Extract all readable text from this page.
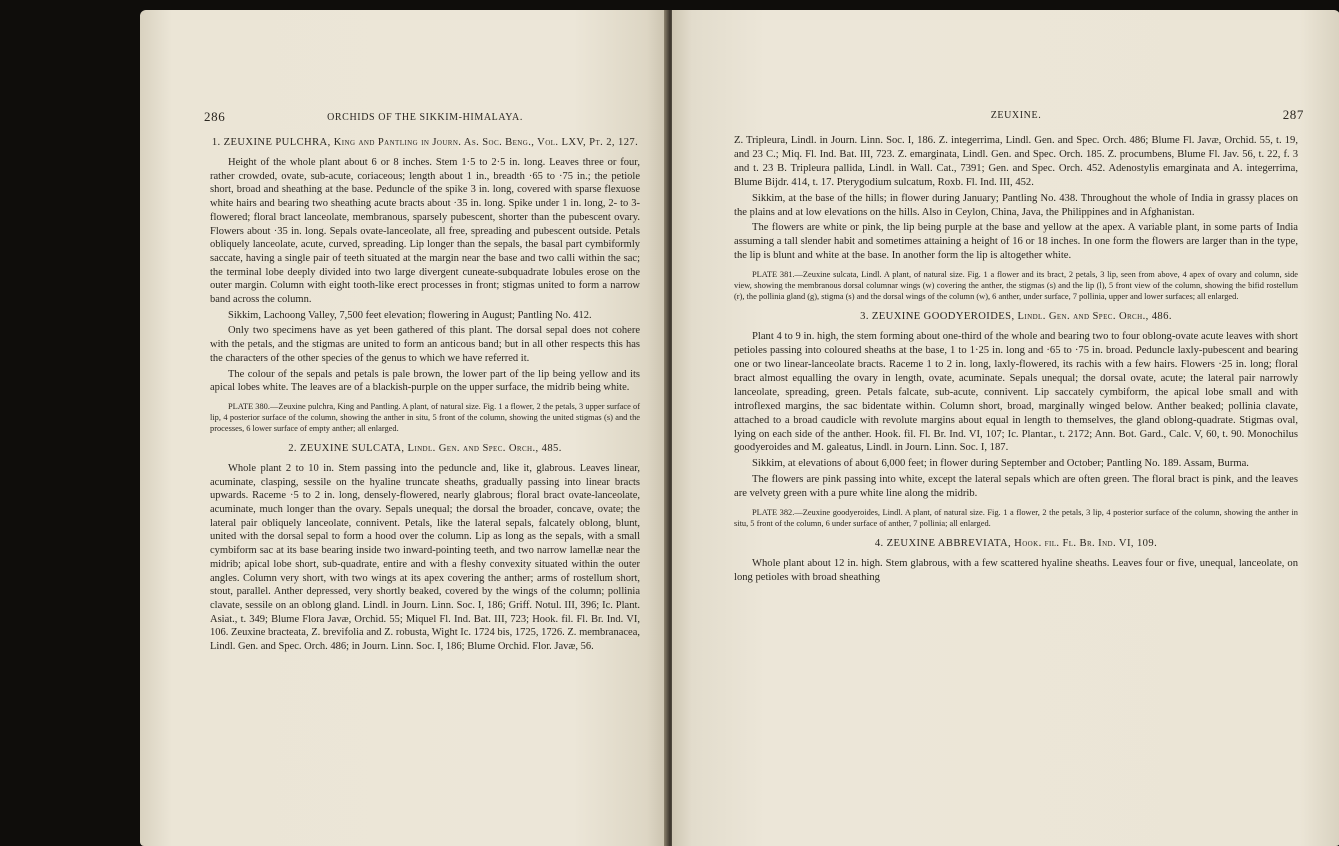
286	ORCHIDS OF THE SIKKIM-HIMALAYA.
1. ZEUXINE PULCHRA, King and Pantling in Journ. As. Soc. Beng., Vol. LXV, Pt. 2, 127.

Height of the whole plant about 6 or 8 inches. Stem 1·5 to 2·5 in. long. Leaves three or four, rather crowded, ovate, sub-acute, coriaceous; length about 1 in., breadth ·65 to ·75 in.; the petiole short, broad and sheathing at the base. Peduncle of the spike 3 in. long, covered with sparse flexuose white hairs and bearing two sheathing acute bracts about ·35 in. long. Spike under 1 in. long, 2- to 3-flowered; floral bract lanceolate, membranous, sparsely pubescent, shorter than the pubescent ovary. Flowers about ·35 in. long. Sepals ovate-lanceolate, all free, spreading and pubescent outside. Petals obliquely lanceolate, acute, curved, spreading. Lip longer than the sepals, the basal part cymbiformly saccate, having a single pair of teeth situated at the margin near the base and two calli within the sac; the terminal lobe deeply divided into two large divergent cuneate-subquadrate lobules erose on the outer margin. Column with eight tooth-like erect processes in front; stigmas united to form a narrow band across the column.

Sikkim, Lachoong Valley, 7,500 feet elevation; flowering in August; Pantling No. 412.

Only two specimens have as yet been gathered of this plant. The dorsal sepal does not cohere with the petals, and the stigmas are united to form an anticous band; but in all other respects this has the characters of the other species of the genus to which we have referred it.

The colour of the sepals and petals is pale brown, the lower part of the lip being yellow and its apical lobes white. The leaves are of a blackish-purple on the upper surface, the midrib being white.

PLATE 380.—Zeuxine pulchra, King and Pantling. A plant, of natural size. Fig. 1 a flower, 2 the petals, 3 upper surface of lip, 4 posterior surface of the column, showing the anther in situ, 5 front of the column, showing the united stigmas (s) and the processes, 6 lower surface of empty anther; all enlarged.

2. ZEUXINE SULCATA, Lindl. Gen. and Spec. Orch., 485.

Whole plant 2 to 10 in. Stem passing into the peduncle and, like it, glabrous. Leaves linear, acuminate, clasping, sessile on the hyaline truncate sheaths, gradually passing into linear bracts upwards. Raceme ·5 to 2 in. long, densely-flowered, nearly glabrous; floral bract ovate-lanceolate, acuminate, much longer than the ovary. Sepals unequal; the dorsal the broader, concave, ovate; the lateral pair obliquely lanceolate, connivent. Petals, like the lateral sepals, falcately oblong, blunt, united with the dorsal sepal to form a hood over the column. Lip as long as the sepals, with a small cymbiform sac at its base bearing inside two inward-pointing teeth, and two narrow lamellæ near the midrib; apical lobe short, sub-quadrate, entire and with a fleshy convexity situated within the outer angles. Column very short, with two wings at its apex covering the anther; arms of rostellum short, stout, parallel. Anther depressed, very shortly beaked, covered by the wings of the column; pollinia clavate, sessile on an oblong gland. Lindl. in Journ. Linn. Soc. I, 186; Griff. Notul. III, 396; Ic. Plant. Asiat., t. 349; Blume Flora Javæ, Orchid. 55; Miquel Fl. Ind. Bat. III, 723; Hook. fil. Fl. Br. Ind. VI, 106. Zeuxine bracteata, Z. brevifolia and Z. robusta, Wight Ic. 1724 bis, 1725, 1726. Z. membranacea, Lindl. Gen. and Spec. Orch. 486; in Journ. Linn. Soc. I, 186; Blume Orchid. Flor. Javæ, 56.

ZEUXINE.	287

Z. Tripleura, Lindl. in Journ. Linn. Soc. I, 186. Z. integerrima, Lindl. Gen. and Spec. Orch. 486; Blume Fl. Javæ, Orchid. 55, t. 19, and 23 C.; Miq. Fl. Ind. Bat. III, 723. Z. emarginata, Lindl. Gen. and Spec. Orch. 185. Z. procumbens, Blume Fl. Jav. 56, t. 22, f. 3 and t. 23 B. Tripleura pallida, Lindl. in Wall. Cat., 7391; Gen. and Spec. Orch. 452. Adenostylis emarginata and A. integerrima, Blume Bijdr. 414, t. 17. Pterygodium sulcatum, Roxb. Fl. Ind. III, 452.

Sikkim, at the base of the hills; in flower during January; Pantling No. 438. Throughout the whole of India in grassy places on the plains and at low elevations on the hills. Also in Ceylon, China, Java, the Philippines and in Afghanistan.

The flowers are white or pink, the lip being purple at the base and yellow at the apex. A variable plant, in some parts of India assuming a tall slender habit and sometimes attaining a height of 16 or 18 inches. In one form the flowers are larger than in the type, the lip is blunt and white at the base. In another form the lip is altogether white.

PLATE 381.—Zeuxine sulcata, Lindl. A plant, of natural size. Fig. 1 a flower and its bract, 2 petals, 3 lip, seen from above, 4 apex of ovary and column, side view, showing the membranous dorsal columnar wings (w) covering the anther, the stigmas (s) and the lip (l), 5 front view of the column, showing the bifid rostellum (r), the pollinia gland (g), stigma (s) and the dorsal wings of the column (w), 6 anther, under surface, 7 pollinia, upper and lower surfaces; all enlarged.

3. ZEUXINE GOODYEROIDES, Lindl. Gen. and Spec. Orch., 486.

Plant 4 to 9 in. high, the stem forming about one-third of the whole and bearing two to four oblong-ovate acute leaves with short petioles passing into coloured sheaths at the base, 1 to 1·25 in. long and ·65 to ·75 in. broad. Peduncle laxly-pubescent and bearing one or two linear-lanceolate bracts. Raceme 1 to 2 in. long, laxly-flowered, its rachis with a few hairs. Flowers ·25 in. long; floral bract almost equalling the ovary in length, ovate, acuminate. Sepals unequal; the dorsal ovate, acute; the lateral pair narrowly lanceolate, spreading, green. Petals falcate, sub-acute, connivent. Lip saccately cymbiform, the apical lobe small and with introflexed margins, the sac bidentate within. Column short, broad, marginally winged below. Anther beaked; pollinia clavate, attached to a broad caudicle with revolute margins about equal in length to themselves, the gland oblong-quadrate. Stigmas oval, lying on each side of the anther. Hook. fil. Fl. Br. Ind. VI, 107; Ic. Plantar., t. 2172; Ann. Bot. Gard., Calc. V, 60, t. 90. Monochilus goodyeroides and M. galeatus, Lindl. in Journ. Linn. Soc. I, 187.

Sikkim, at elevations of about 6,000 feet; in flower during September and October; Pantling No. 189. Assam, Burma.

The flowers are pink passing into white, except the lateral sepals which are often green. The floral bract is pink, and the leaves are velvety green with a pure white line along the midrib.

PLATE 382.—Zeuxine goodyeroides, Lindl. A plant, of natural size. Fig. 1 a flower, 2 the petals, 3 lip, 4 posterior surface of the column, showing the anther in situ, 5 front of the column, 6 under surface of anther, 7 pollinia; all enlarged.

4. ZEUXINE ABBREVIATA, Hook. fil. Fl. Br. Ind. VI, 109.

Whole plant about 12 in. high. Stem glabrous, with a few scattered hyaline sheaths. Leaves four or five, unequal, lanceolate, on long petioles with broad sheathing
